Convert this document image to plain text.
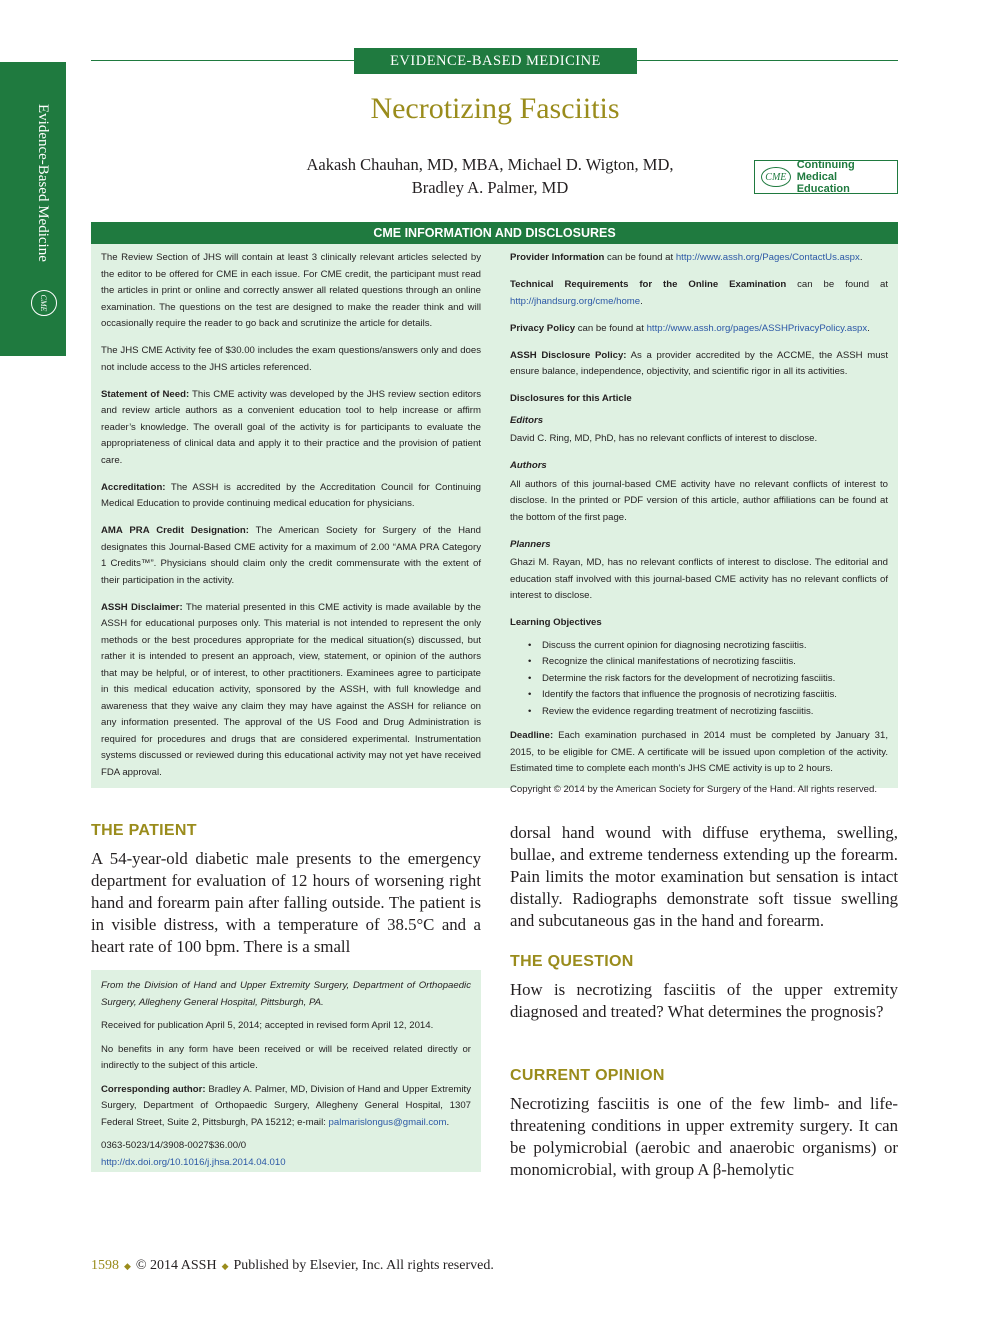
Evidence-Based Medicine
CME
EVIDENCE-BASED MEDICINE
Necrotizing Fasciitis
Aakash Chauhan, MD, MBA, Michael D. Wigton, MD,
Bradley A. Palmer, MD
CME
Continuing Medical
Education
CME INFORMATION AND DISCLOSURES

The Review Section of JHS will contain at least 3 clinically relevant articles selected by the editor to be offered for CME in each issue. For CME credit, the participant must read the articles in print or online and correctly answer all related questions through an online examination. The questions on the test are designed to make the reader think and will occasionally require the reader to go back and scrutinize the article for details.

The JHS CME Activity fee of $30.00 includes the exam questions/answers only and does not include access to the JHS articles referenced.

Statement of Need: This CME activity was developed by the JHS review section editors and review article authors as a convenient education tool to help increase or affirm reader’s knowledge. The overall goal of the activity is for participants to evaluate the appropriateness of clinical data and apply it to their practice and the provision of patient care.

Accreditation: The ASSH is accredited by the Accreditation Council for Continuing Medical Education to provide continuing medical education for physicians.

AMA PRA Credit Designation: The American Society for Surgery of the Hand designates this Journal-Based CME activity for a maximum of 2.00 “AMA PRA Category 1 Credits™”. Physicians should claim only the credit commensurate with the extent of their participation in the activity.

ASSH Disclaimer: The material presented in this CME activity is made available by the ASSH for educational purposes only. This material is not intended to represent the only methods or the best procedures appropriate for the medical situation(s) discussed, but rather it is intended to present an approach, view, statement, or opinion of the authors that may be helpful, or of interest, to other practitioners. Examinees agree to participate in this medical education activity, sponsored by the ASSH, with full knowledge and awareness that they waive any claim they may have against the ASSH for reliance on any information presented. The approval of the US Food and Drug Administration is required for procedures and drugs that are considered experimental. Instrumentation systems discussed or reviewed during this educational activity may not yet have received FDA approval.

Provider Information can be found at http://www.assh.org/Pages/ContactUs.aspx.

Technical Requirements for the Online Examination can be found at http://jhandsurg.org/cme/home.

Privacy Policy can be found at http://www.assh.org/pages/ASSHPrivacyPolicy.aspx.

ASSH Disclosure Policy: As a provider accredited by the ACCME, the ASSH must ensure balance, independence, objectivity, and scientific rigor in all its activities.

Disclosures for this Article
Editors

David C. Ring, MD, PhD, has no relevant conflicts of interest to disclose.

Authors

All authors of this journal-based CME activity have no relevant conflicts of interest to disclose. In the printed or PDF version of this article, author affiliations can be found at the bottom of the first page.

Planners

Ghazi M. Rayan, MD, has no relevant conflicts of interest to disclose. The editorial and education staff involved with this journal-based CME activity has no relevant conflicts of interest to disclose.

Learning Objectives
• Discuss the current opinion for diagnosing necrotizing fasciitis.
• Recognize the clinical manifestations of necrotizing fasciitis.
• Determine the risk factors for the development of necrotizing fasciitis.
• Identify the factors that influence the prognosis of necrotizing fasciitis.
• Review the evidence regarding treatment of necrotizing fasciitis.

Deadline: Each examination purchased in 2014 must be completed by January 31, 2015, to be eligible for CME. A certificate will be issued upon completion of the activity. Estimated time to complete each month’s JHS CME activity is up to 2 hours.

Copyright © 2014 by the American Society for Surgery of the Hand. All rights reserved.

THE PATIENT
A 54-year-old diabetic male presents to the emergency department for evaluation of 12 hours of worsening right hand and forearm pain after falling outside. The patient is in visible distress, with a temperature of 38.5°C and a heart rate of 100 bpm. There is a small

From the Division of Hand and Upper Extremity Surgery, Department of Orthopaedic Surgery, Allegheny General Hospital, Pittsburgh, PA.

Received for publication April 5, 2014; accepted in revised form April 12, 2014.

No benefits in any form have been received or will be received related directly or indirectly to the subject of this article.

Corresponding author: Bradley A. Palmer, MD, Division of Hand and Upper Extremity Surgery, Department of Orthopaedic Surgery, Allegheny General Hospital, 1307 Federal Street, Suite 2, Pittsburgh, PA 15212; e-mail: palmarislongus@gmail.com.

0363-5023/14/3908-0027$36.00/0
http://dx.doi.org/10.1016/j.jhsa.2014.04.010
dorsal hand wound with diffuse erythema, swelling, bullae, and extreme tenderness extending up the forearm. Pain limits the motor examination but sensation is intact distally. Radiographs demonstrate soft tissue swelling and subcutaneous gas in the hand and forearm.
THE QUESTION
How is necrotizing fasciitis of the upper extremity diagnosed and treated? What determines the prognosis?
CURRENT OPINION
Necrotizing fasciitis is one of the few limb- and life-threatening conditions in upper extremity surgery. It can be polymicrobial (aerobic and anaerobic organisms) or monomicrobial, with group A β-hemolytic
1598 ◆ © 2014 ASSH ◆ Published by Elsevier, Inc. All rights reserved.
